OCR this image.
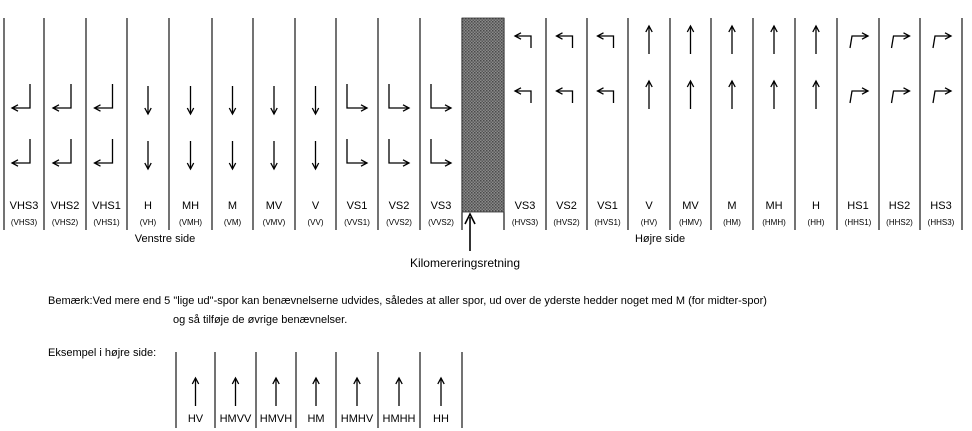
VHS3
(VHS3)
VHS2
(VHS2)
VHS1
(VHS1)
H
(VH)
MH
(VMH)
M
(VM)
MV
(VMV)
V
(VV)
VS1
(VVS1)
VS2
(VVS2)
VS3
(VVS2)
VS3
(HVS3)
VS2
(HVS2)
VS1
(HVS1)
V
(HV)
MV
(HMV)
M
(HM)
MH
(HMH)
H
(HH)
HS1
(HHS1)
HS2
(HHS2)
HS3
(HHS3)
Venstre side	Højre side
Kilomereringsretning
HV HMVV HMVH HM HMHV HMHH HH
Bemærk:Ved mere end 5 "lige ud"-spor kan benævnelserne udvides, således at aller spor, ud over de yderste hedder noget med M (for midter-spor)
og så tilføje de øvrige benævnelser.
Eksempel i højre side:
